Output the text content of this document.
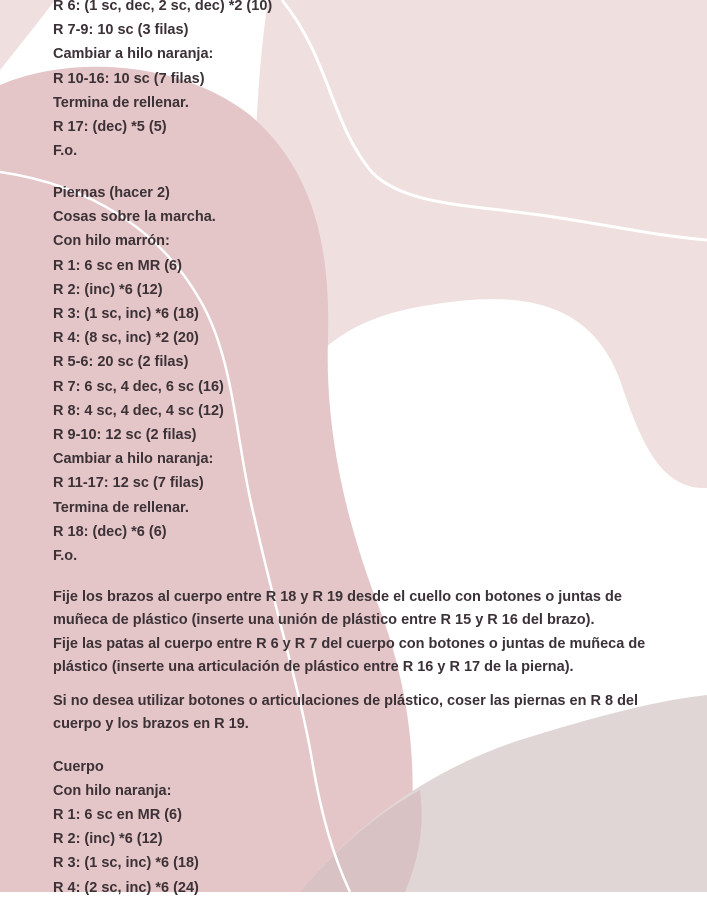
R 6: (1 sc, dec, 2 sc, dec) *2 (10)
R 7-9: 10 sc (3 filas)
Cambiar a hilo naranja:
R 10-16: 10 sc (7 filas)
Termina de rellenar.
R 17: (dec) *5 (5)
F.o.
Piernas (hacer 2)
Cosas sobre la marcha.
Con hilo marrón:
R 1: 6 sc en MR (6)
R 2: (inc) *6 (12)
R 3: (1 sc, inc) *6 (18)
R 4: (8 sc, inc) *2 (20)
R 5-6: 20 sc (2 filas)
R 7: 6 sc, 4 dec, 6 sc (16)
R 8: 4 sc, 4 dec, 4 sc (12)
R 9-10: 12 sc (2 filas)
Cambiar a hilo naranja:
R 11-17: 12 sc (7 filas)
Termina de rellenar.
R 18: (dec) *6 (6)
F.o.
Fije los brazos al cuerpo entre R 18 y R 19 desde el cuello con botones o juntas de
muñeca de plástico (inserte una unión de plástico entre R 15 y R 16 del brazo).
Fije las patas al cuerpo entre R 6 y R 7 del cuerpo con botones o juntas de muñeca de
plástico (inserte una articulación de plástico entre R 16 y R 17 de la pierna).
Si no desea utilizar botones o articulaciones de plástico, coser las piernas en R 8 del
cuerpo y los brazos en R 19.
Cuerpo
Con hilo naranja:
R 1: 6 sc en MR (6)
R 2: (inc) *6 (12)
R 3: (1 sc, inc) *6 (18)
R 4: (2 sc, inc) *6 (24)
